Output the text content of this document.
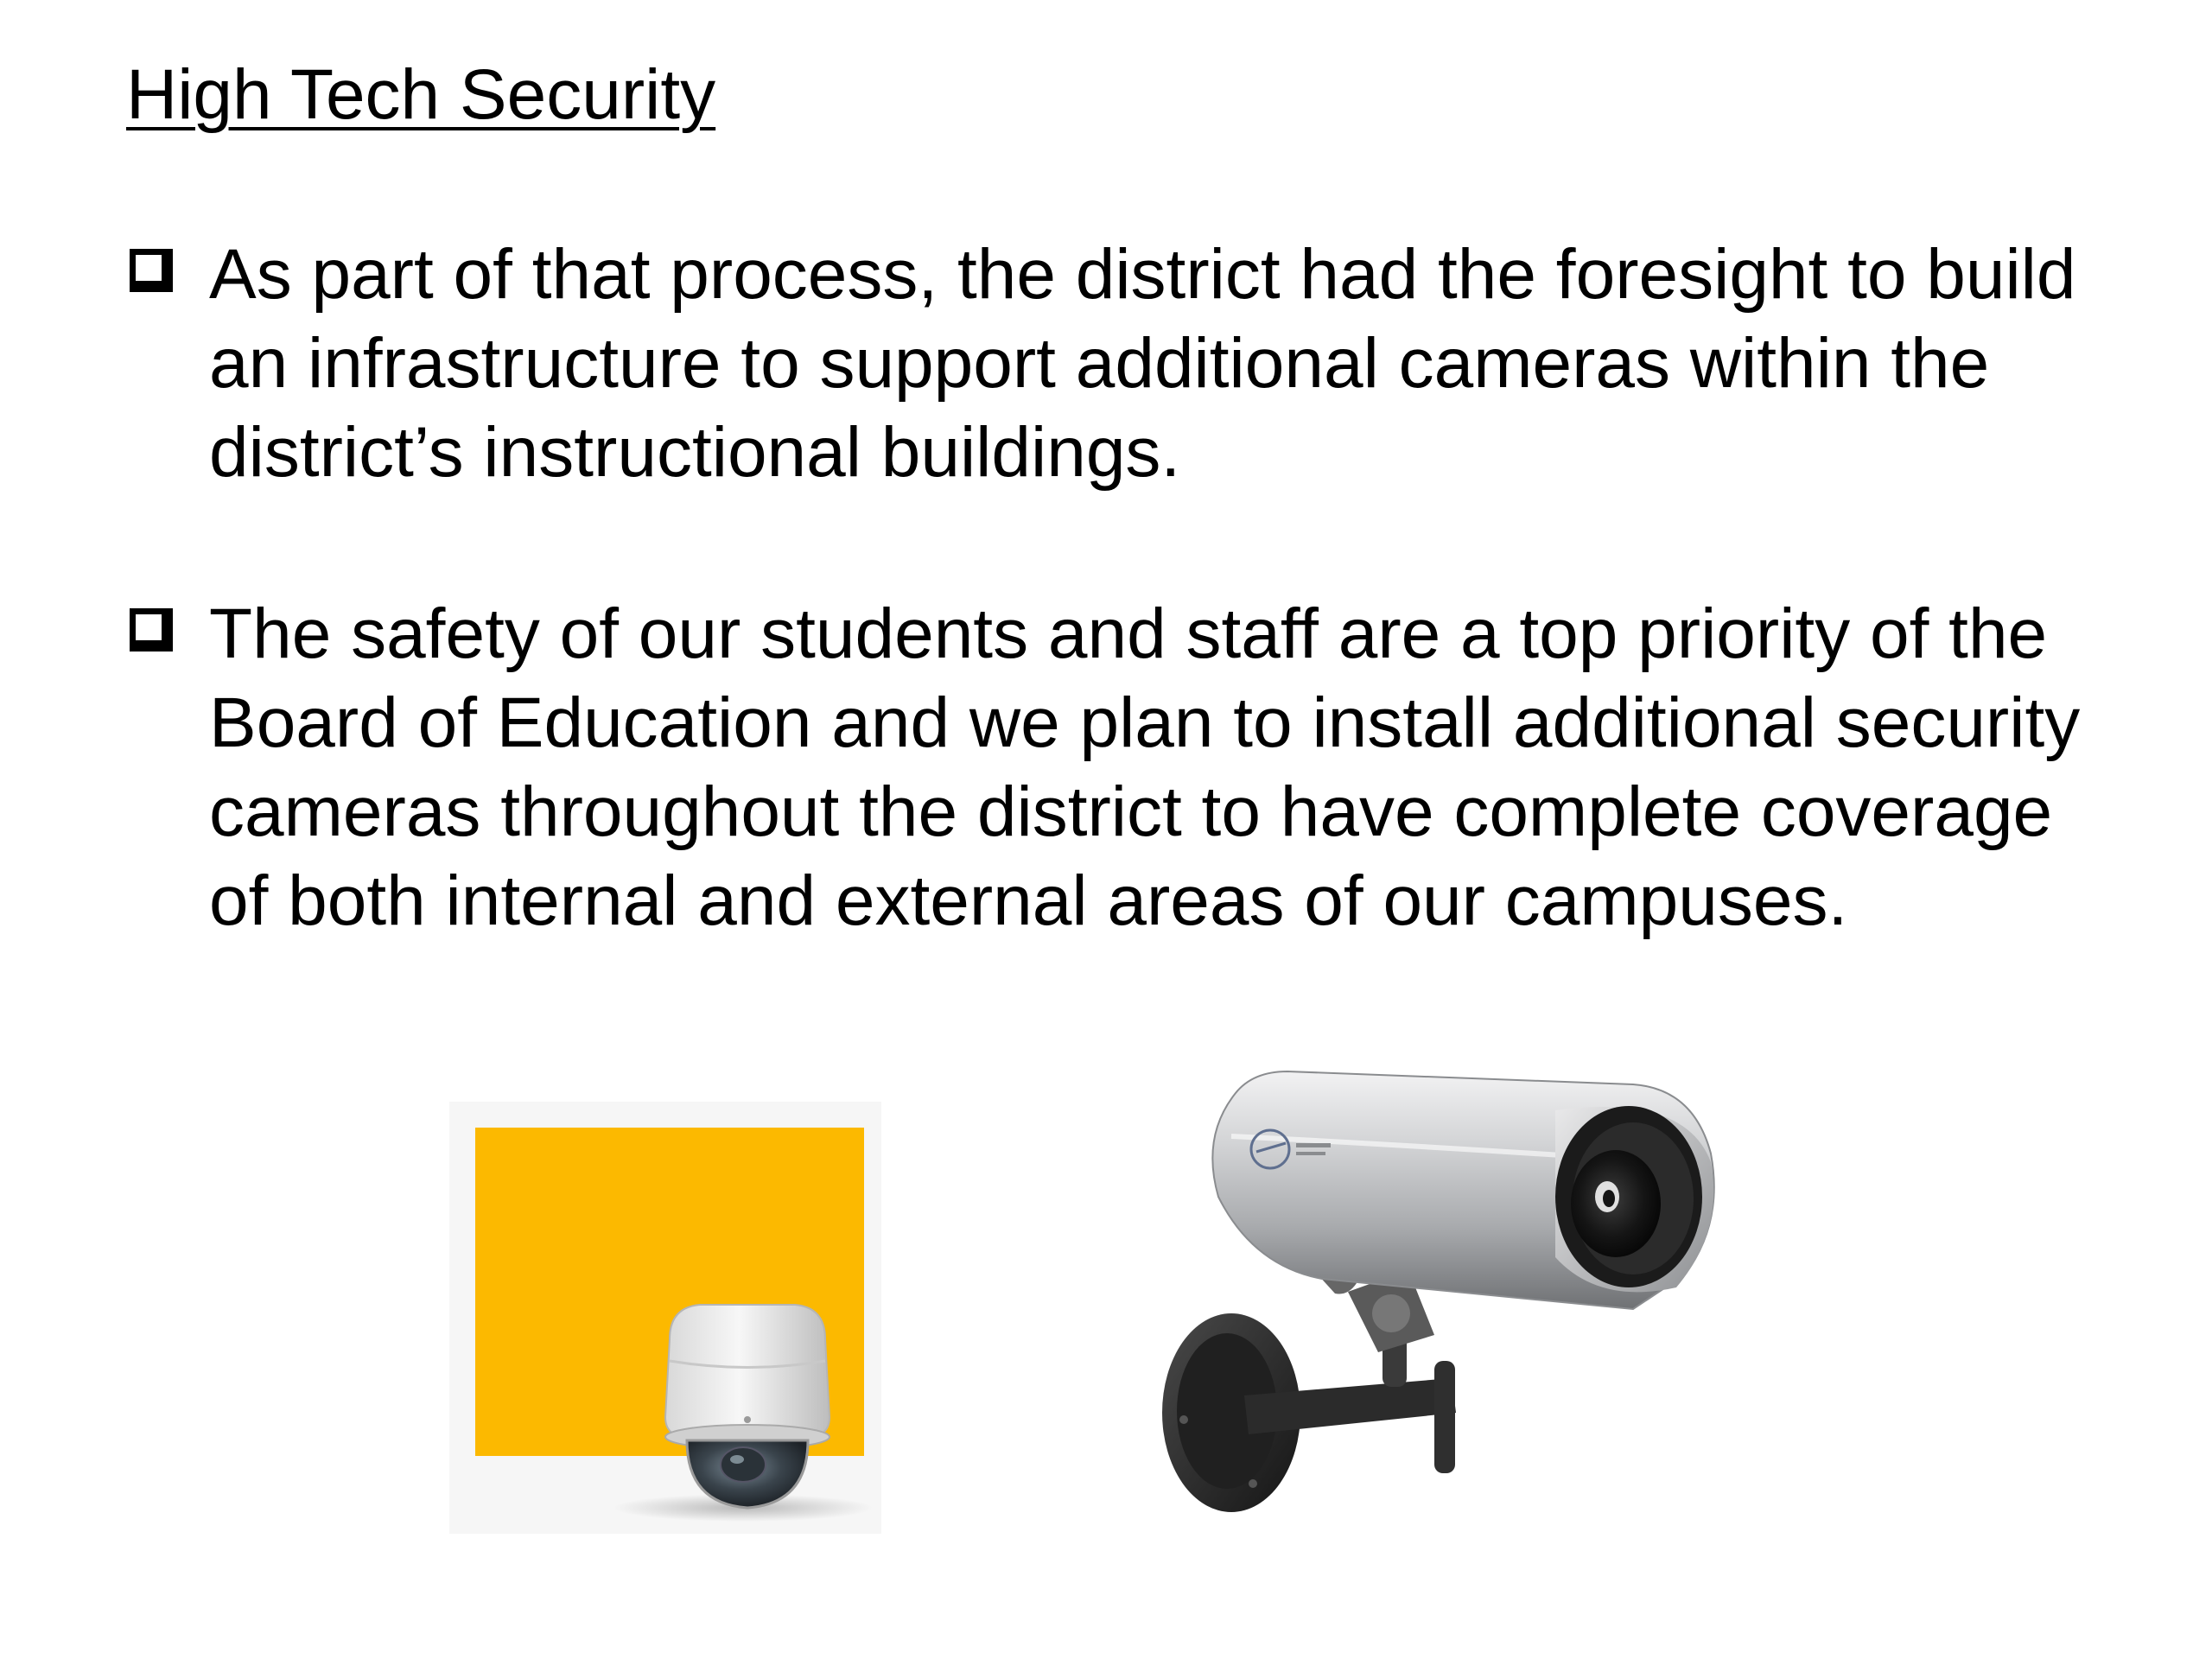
High Tech Security
As part of that process, the district had the foresight to build an infrastructure to support additional cameras within the district’s instructional buildings.
The safety of our students and staff are a top priority of the Board of Education and we plan to install additional security cameras throughout the district to have complete coverage of both internal and external areas of our campuses.
